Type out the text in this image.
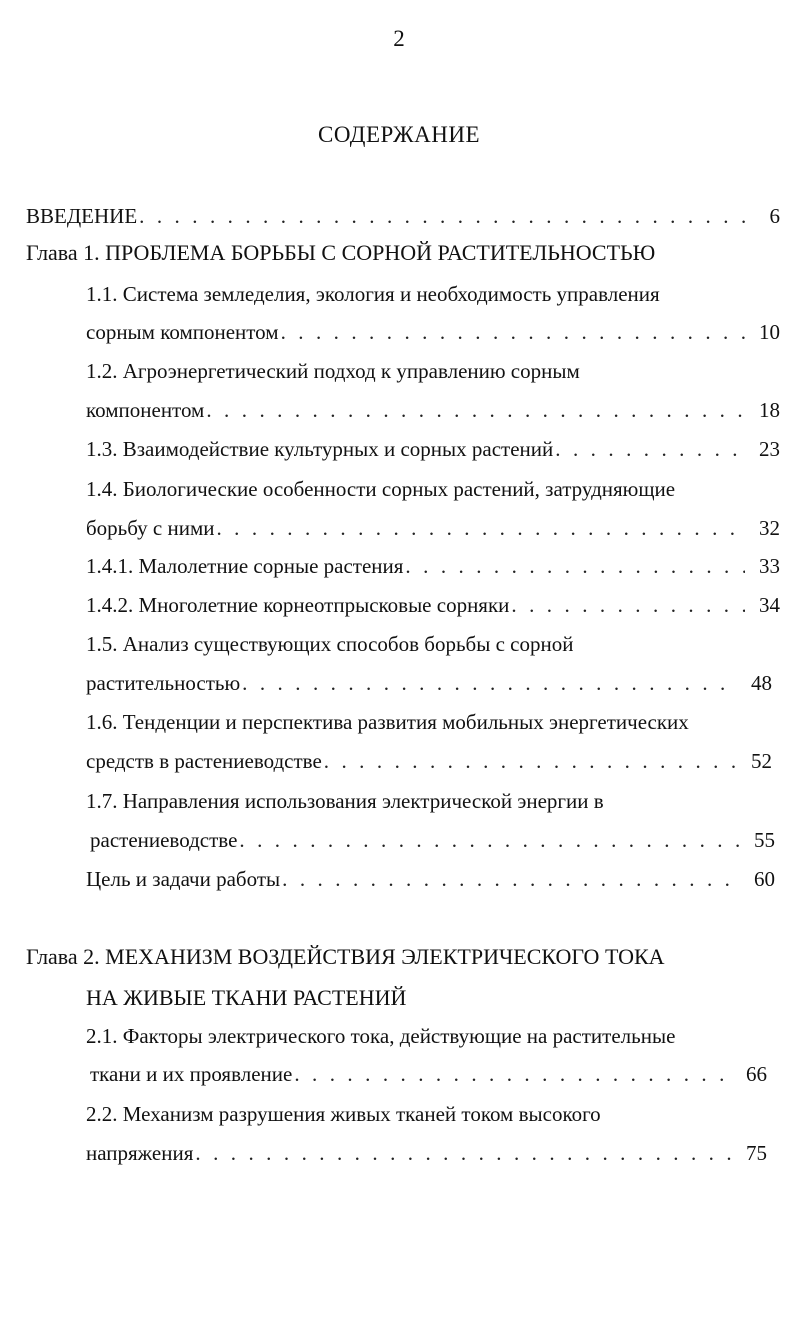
2
СОДЕРЖАНИЕ
ВВЕДЕНИЕ . . .	6
Глава 1. ПРОБЛЕМА БОРЬБЫ С СОРНОЙ РАСТИТЕЛЬНОСТЬЮ
1.1. Система земледелия, экология и необходимость управления
сорным компонентом . . .	10
1.2. Агроэнергетический подход к управлению сорным
компонентом . . .	18
1.3. Взаимодействие культурных и сорных растений . . .	23
1.4. Биологические особенности сорных растений, затрудняющие
борьбу с ними . . .	32
1.4.1. Малолетние сорные растения . . .	33
1.4.2. Многолетние корнеотпрысковые сорняки . . .	34
1.5. Анализ существующих способов борьбы с сорной
растительностью . . .	48
1.6. Тенденции и перспектива развития мобильных энергетических
средств в растениеводстве . . .	52
1.7. Направления использования электрической энергии в
растениеводстве . . .	55
Цель и задачи работы . . .	60
Глава 2. МЕХАНИЗМ ВОЗДЕЙСТВИЯ ЭЛЕКТРИЧЕСКОГО ТОКА
НА ЖИВЫЕ ТКАНИ РАСТЕНИЙ
2.1. Факторы электрического тока, действующие на растительные
ткани и их проявление . . .	66
2.2. Механизм разрушения живых тканей током высокого
напряжения . . .	75
